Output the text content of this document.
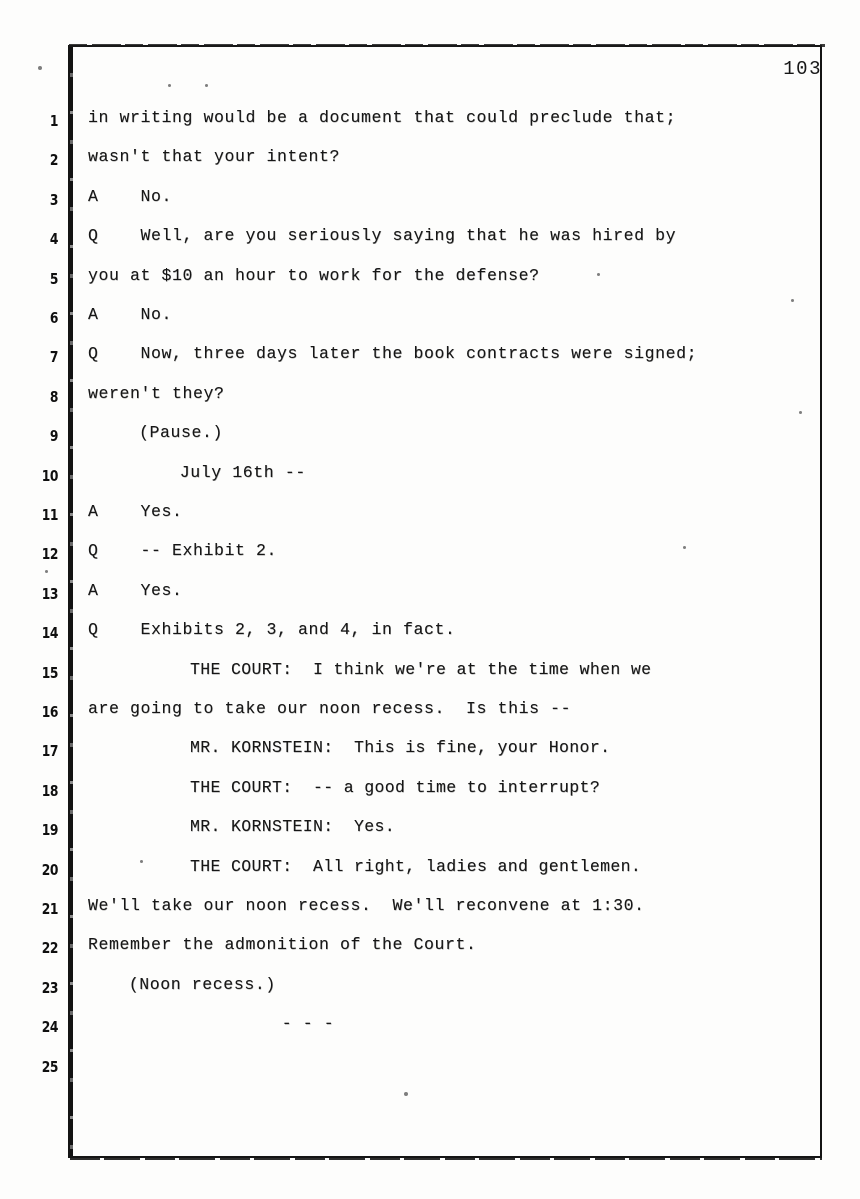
103
1 in writing would be a document that could preclude that;
2 wasn't that your intent?
3 A    No.
4 Q    Well, are you seriously saying that he was hired by
5 you at $10 an hour to work for the defense?
6 A    No.
7 Q    Now, three days later the book contracts were signed;
8 weren't they?
9	(Pause.)
10	July 16th --
11 A    Yes.
12 Q    -- Exhibit 2.
13 A    Yes.
14 Q    Exhibits 2, 3, and 4, in fact.
15	THE COURT:  I think we're at the time when we
16 are going to take our noon recess.  Is this --
17	MR. KORNSTEIN:  This is fine, your Honor.
18	THE COURT:  -- a good time to interrupt?
19	MR. KORNSTEIN:  Yes.
20	THE COURT:  All right, ladies and gentlemen.
21 We'll take our noon recess.  We'll reconvene at 1:30.
22 Remember the admonition of the Court.
23	(Noon recess.)
24	- - -
25
